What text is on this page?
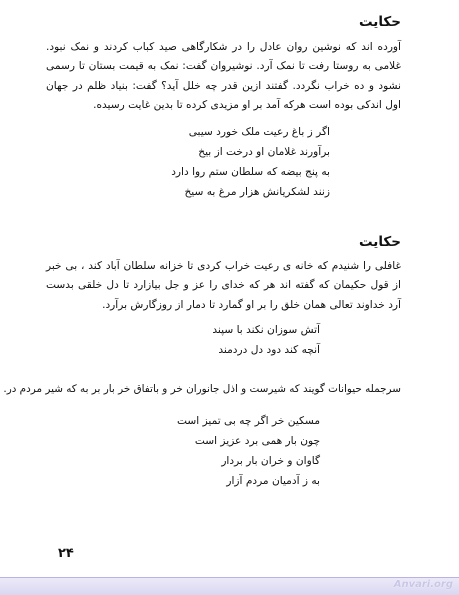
حکایت

آورده اند که نوشین روان عادل را در شکارگاهی صید کباب کردند و نمک نبود. غلامی به روستا رفت تا نمک آرد. نوشیروان گفت: نمک به قیمت بستان تا رسمی نشود و ده خراب نگردد. گفتند ازین قدر چه خلل آید؟ گفت: بنیاد ظلم در جهان اول اندکی بوده است هرکه آمد بر او مزیدی کرده تا بدین غایت رسیده.

اگر ز باغ رعیت ملک خورد سیبی
برآورند غلامان او درخت از بیخ
به پنج بیضه که سلطان ستم روا دارد
زنند لشکریانش هزار مرغ به سیخ
حکایت

غافلی را شنیدم که خانه ی رعیت خراب کردی تا خزانه سلطان آباد کند ، بی خبر از قول حکیمان که گفته اند هر که خدای را عز و جل بیازارد تا دل خلقی بدست آرد خداوند تعالی همان خلق را بر او گمارد تا دمار از روزگارش برآرد.

آتش سوزان نکند با سپند
آنچه کند دود دل دردمند
سرجمله حیوانات گویند که شیرست و اذل جانوران خر و باتفاق خر بار بر به که شیر مردم در.
مسکین خر اگر چه بی تمیز است
چون بار همی برد عزیز است
گاوان و خران بار بردار
به ز آدمیان مردم آزار
۲۴
Anvari.org
